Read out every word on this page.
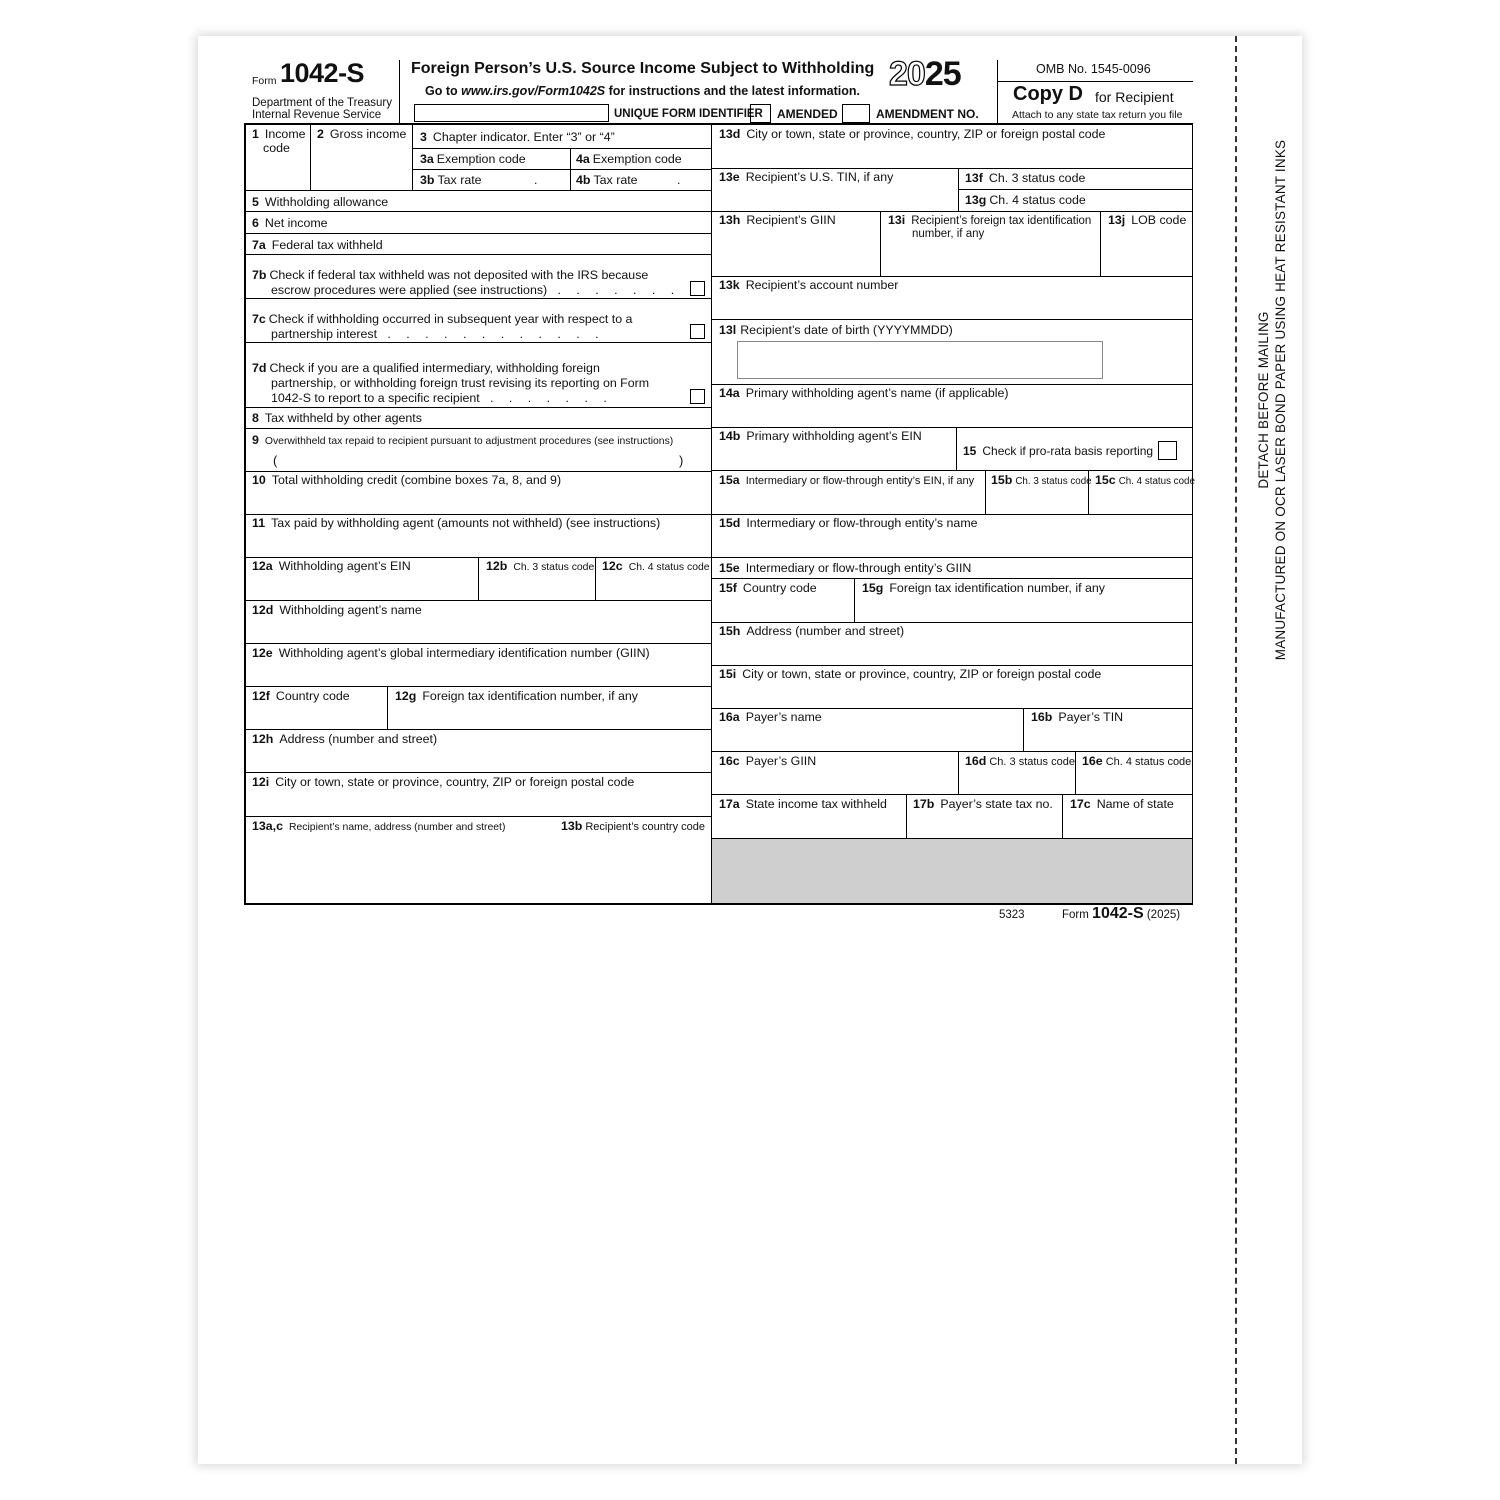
DETACH BEFORE MAILING MANUFACTURED ON OCR LASER BOND PAPER USING HEAT RESISTANT INKS
Form 1042-S
Department of the Treasury
Internal Revenue Service
Foreign Person’s U.S. Source Income Subject to Withholding
Go to www.irs.gov/Form1042S for instructions and the latest information. 2025
UNIQUE FORM IDENTIFIER AMENDED	AMENDMENT NO.
OMB No. 1545-0096
Copy D for Recipient
Attach to any state tax return you file
1 Income
code
2 Gross income 3 Chapter indicator. Enter “3” or “4”
3a Exemption code	4a Exemption code
3b Tax rate	.	4b Tax rate	.
5 Withholding allowance
6 Net income
7a Federal tax withheld
7b Check if federal tax withheld was not deposited with the IRS because
escrow procedures were applied (see instructions) . . . . . . .
7c Check if withholding occurred in subsequent year with respect to a
partnership interest . . . . . . . . . . . .
7d Check if you are a qualified intermediary, withholding foreign
partnership, or withholding foreign trust revising its reporting on Form
1042-S to report to a specific recipient . . . . . . .
8 Tax withheld by other agents
9 Overwithheld tax repaid to recipient pursuant to adjustment procedures (see instructions)
(	)
10 Total withholding credit (combine boxes 7a, 8, and 9)
11 Tax paid by withholding agent (amounts not withheld) (see instructions)
12a Withholding agent’s EIN	12b Ch. 3 status code 12c Ch. 4 status code
12d Withholding agent’s name
12e Withholding agent’s global intermediary identification number (GIIN)
12f Country code	12g Foreign tax identification number, if any
12h Address (number and street)
12i City or town, state or province, country, ZIP or foreign postal code
13a,c Recipient’s name, address (number and street)	13b Recipient’s country code
13d City or town, state or province, country, ZIP or foreign postal code
13e Recipient’s U.S. TIN, if any	13f Ch. 3 status code
13g Ch. 4 status code
13h Recipient’s GIIN	13i Recipient’s foreign tax identification
number, if any
13j LOB code
13k Recipient’s account number
13l Recipient’s date of birth (YYYYMMDD)
14a Primary withholding agent’s name (if applicable)
14b Primary withholding agent’s EIN
15 Check if pro-rata basis reporting
15a Intermediary or flow-through entity’s EIN, if any 15b Ch. 3 status code 15c Ch. 4 status code
15d Intermediary or flow-through entity’s name
15e Intermediary or flow-through entity’s GIIN
15f Country code	15g Foreign tax identification number, if any
15h Address (number and street)
15i City or town, state or province, country, ZIP or foreign postal code
16a Payer’s name	16b Payer’s TIN
16c Payer’s GIIN	16d Ch. 3 status code 16e Ch. 4 status code
17a State income tax withheld 17b Payer’s state tax no. 17c Name of state
5323	Form 1042-S (2025)
